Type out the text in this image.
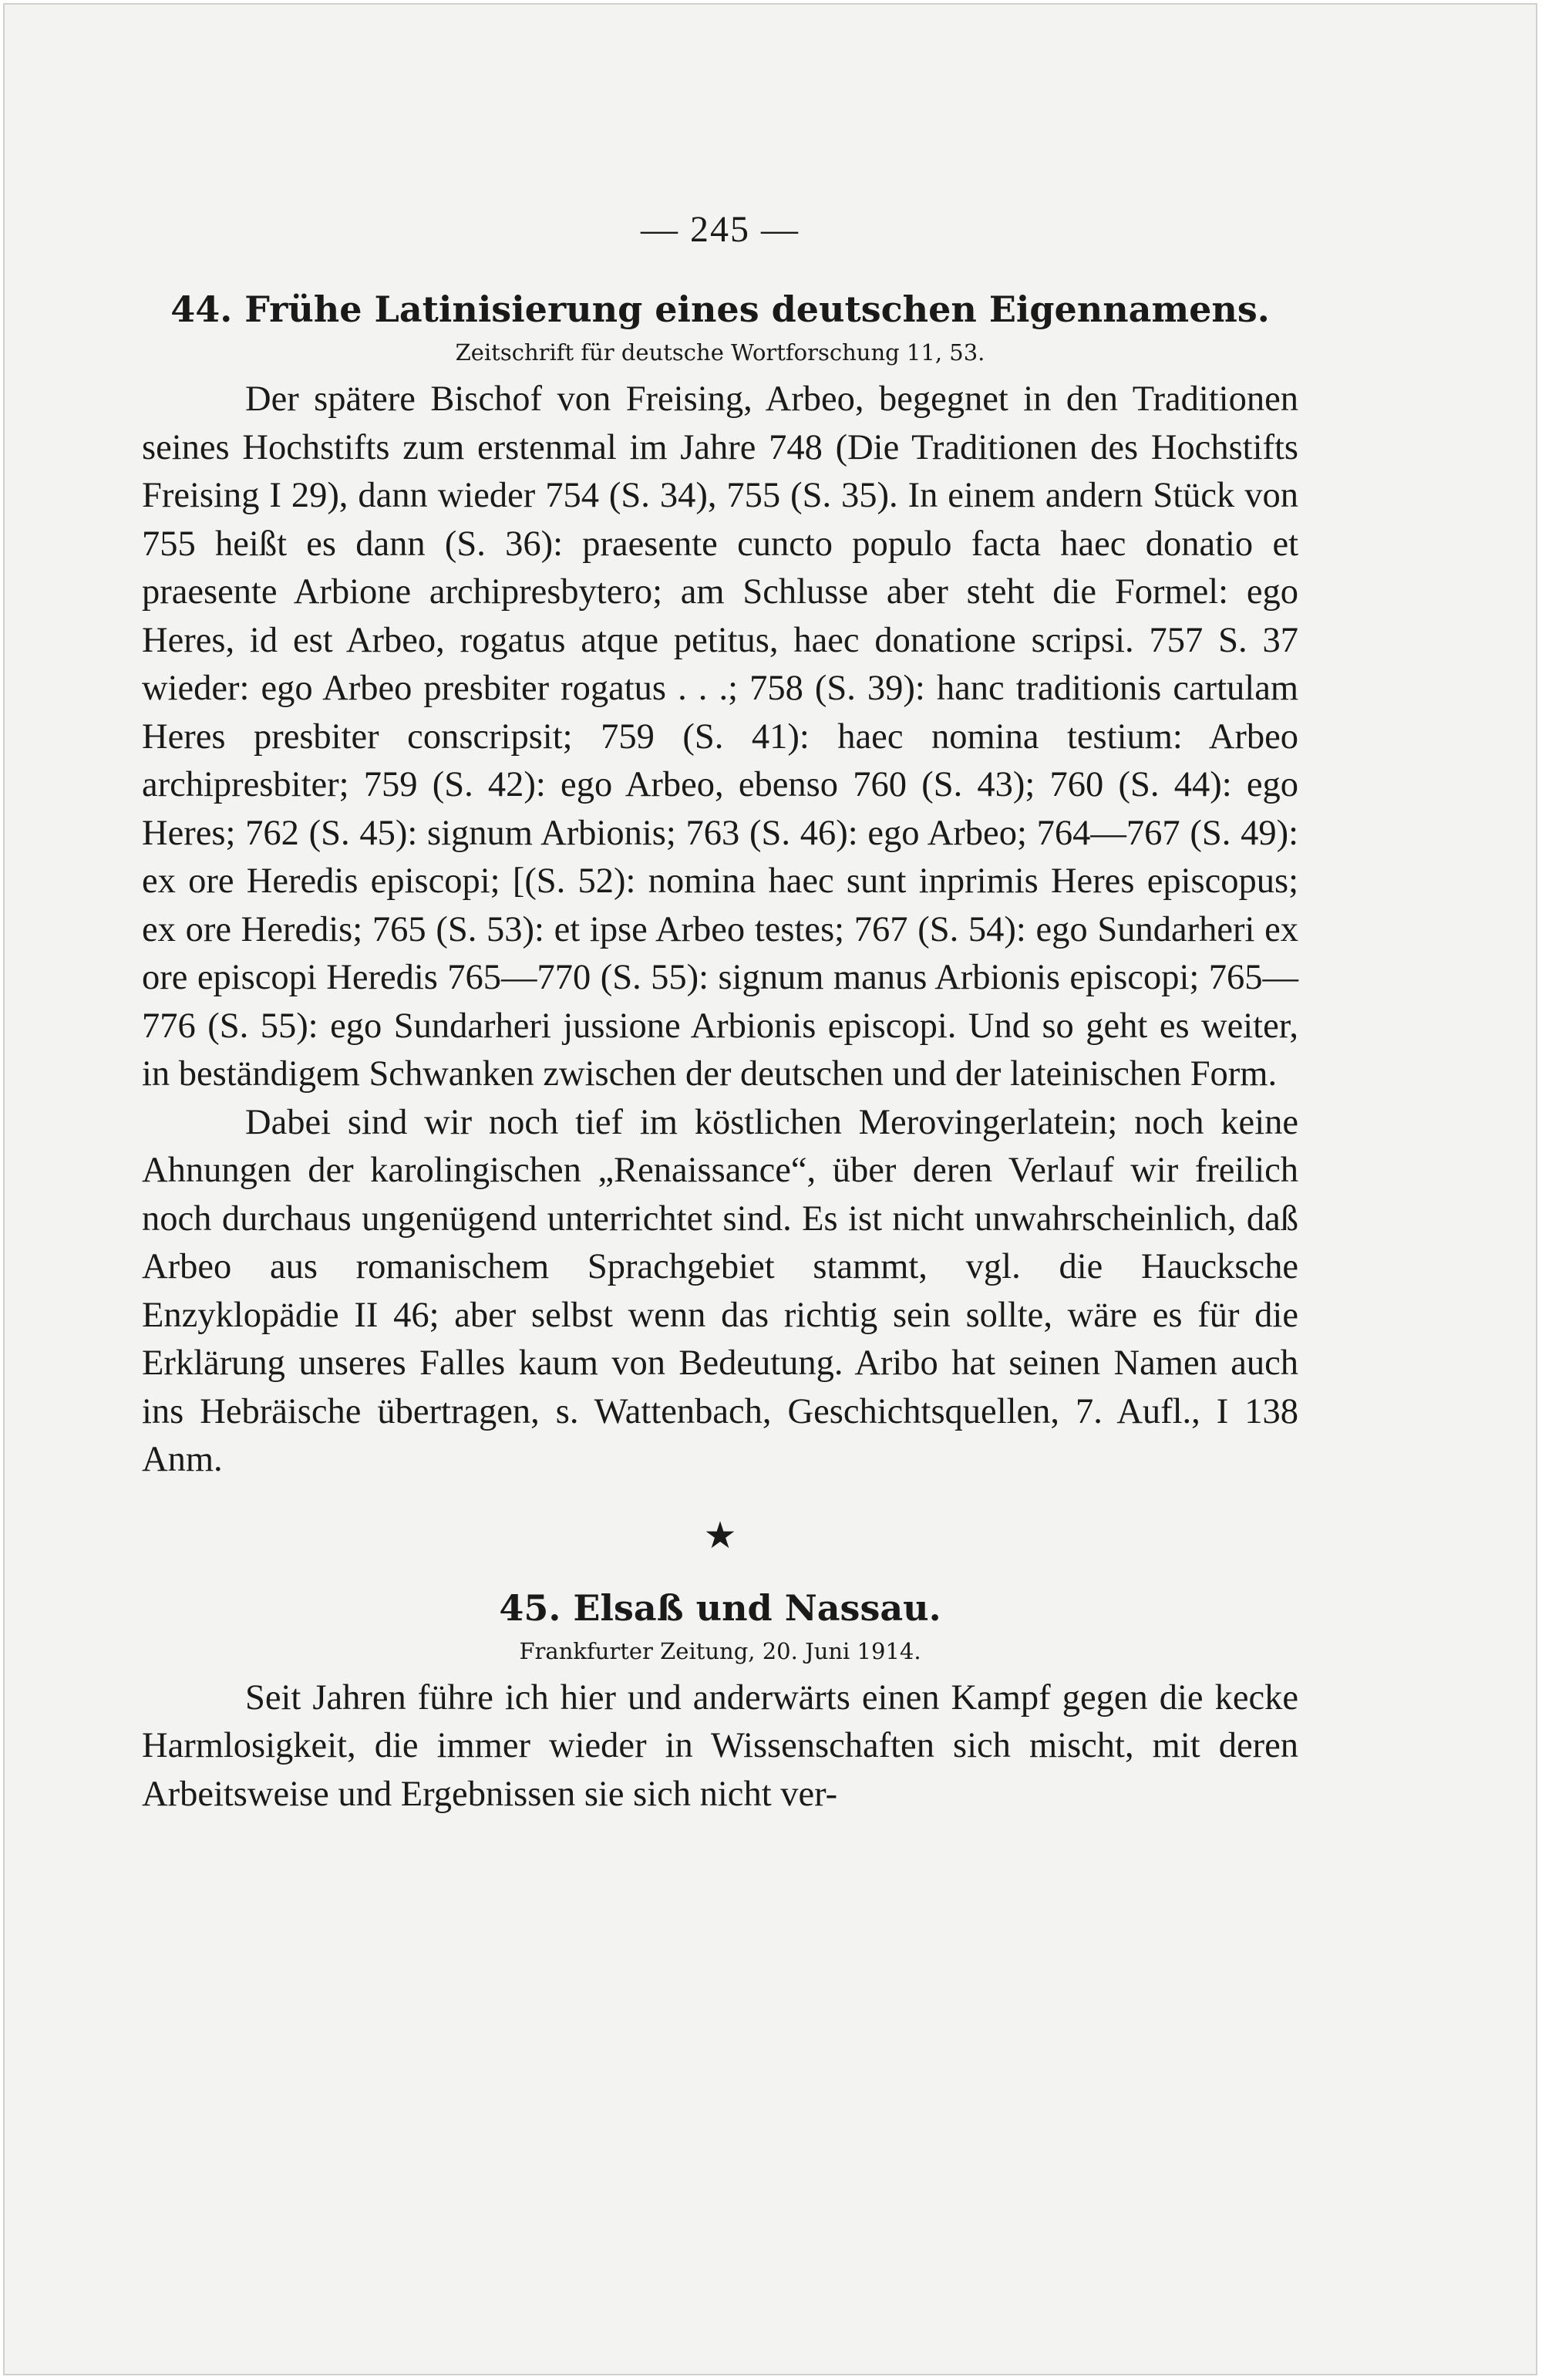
— 245 —
44. Frühe Latinisierung eines deutschen Eigennamens.
Zeitschrift für deutsche Wortforschung 11, 53.

Der spätere Bischof von Freising, Arbeo, begegnet in den Traditionen seines Hochstifts zum erstenmal im Jahre 748 (Die Traditionen des Hochstifts Freising I 29), dann wieder 754 (S. 34), 755 (S. 35). In einem andern Stück von 755 heißt es dann (S. 36): praesente cuncto populo facta haec donatio et praesente Arbione archipresbytero; am Schlusse aber steht die Formel: ego Heres, id est Arbeo, rogatus atque petitus, haec donatione scripsi. 757 S. 37 wieder: ego Arbeo presbiter rogatus . . .; 758 (S. 39): hanc traditionis cartulam Heres presbiter conscripsit; 759 (S. 41): haec nomina testium: Arbeo archipresbiter; 759 (S. 42): ego Arbeo, ebenso 760 (S. 43); 760 (S. 44): ego Heres; 762 (S. 45): signum Arbionis; 763 (S. 46): ego Arbeo; 764—767 (S. 49): ex ore Heredis episcopi; [(S. 52): nomina haec sunt inprimis Heres episcopus; ex ore Heredis; 765 (S. 53): et ipse Arbeo testes; 767 (S. 54): ego Sundarheri ex ore episcopi Heredis 765—770 (S. 55): signum manus Arbionis episcopi; 765—776 (S. 55): ego Sundarheri jussione Arbionis episcopi. Und so geht es weiter, in beständigem Schwanken zwischen der deutschen und der lateinischen Form.

Dabei sind wir noch tief im köstlichen Merovingerlatein; noch keine Ahnungen der karolingischen „Renaissance“, über deren Verlauf wir freilich noch durchaus ungenügend unterrichtet sind. Es ist nicht unwahrscheinlich, daß Arbeo aus romanischem Sprachgebiet stammt, vgl. die Haucksche Enzyklopädie II 46; aber selbst wenn das richtig sein sollte, wäre es für die Erklärung unseres Falles kaum von Bedeutung. Aribo hat seinen Namen auch ins Hebräische übertragen, s. Wattenbach, Geschichtsquellen, 7. Aufl., I 138 Anm.

★
45. Elsaß und Nassau.
Frankfurter Zeitung, 20. Juni 1914.

Seit Jahren führe ich hier und anderwärts einen Kampf gegen die kecke Harmlosigkeit, die immer wieder in Wissenschaften sich mischt, mit deren Arbeitsweise und Ergebnissen sie sich nicht ver-
